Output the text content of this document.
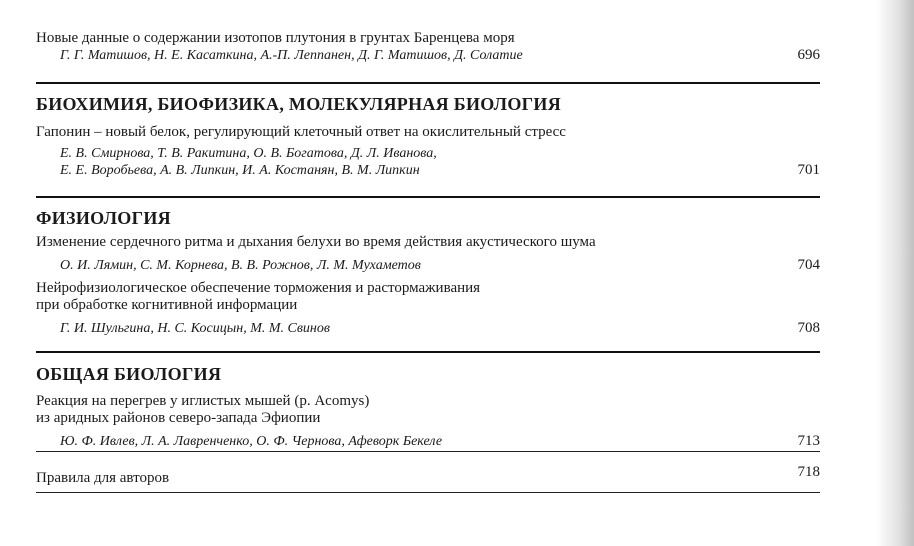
Новые данные о содержании изотопов плутония в грунтах Баренцева моря
Г. Г. Матишов, Н. Е. Касаткина, А.-П. Леппанен, Д. Г. Матишов, Д. Солатие	696
БИОХИМИЯ, БИОФИЗИКА, МОЛЕКУЛЯРНАЯ БИОЛОГИЯ
Гапонин – новый белок, регулирующий клеточный ответ на окислительный стресс
Е. В. Смирнова, Т. В. Ракитина, О. В. Богатова, Д. Л. Иванова,
Е. Е. Воробьева, А. В. Липкин, И. А. Костанян, В. М. Липкин	701
ФИЗИОЛОГИЯ
Изменение сердечного ритма и дыхания белухи во время действия акустического шума
О. И. Лямин, С. М. Корнева, В. В. Рожнов, Л. М. Мухаметов	704
Нейрофизиологическое обеспечение торможения и растормаживания
при обработке когнитивной информации
Г. И. Шульгина, Н. С. Косицын, М. М. Свинов	708
ОБЩАЯ БИОЛОГИЯ
Реакция на перегрев у иглистых мышей (р. Acomys)
из аридных районов северо-запада Эфиопии
Ю. Ф. Ивлев, Л. А. Лавренченко, О. Ф. Чернова, Афеворк Бекеле	713
Правила для авторов	718
